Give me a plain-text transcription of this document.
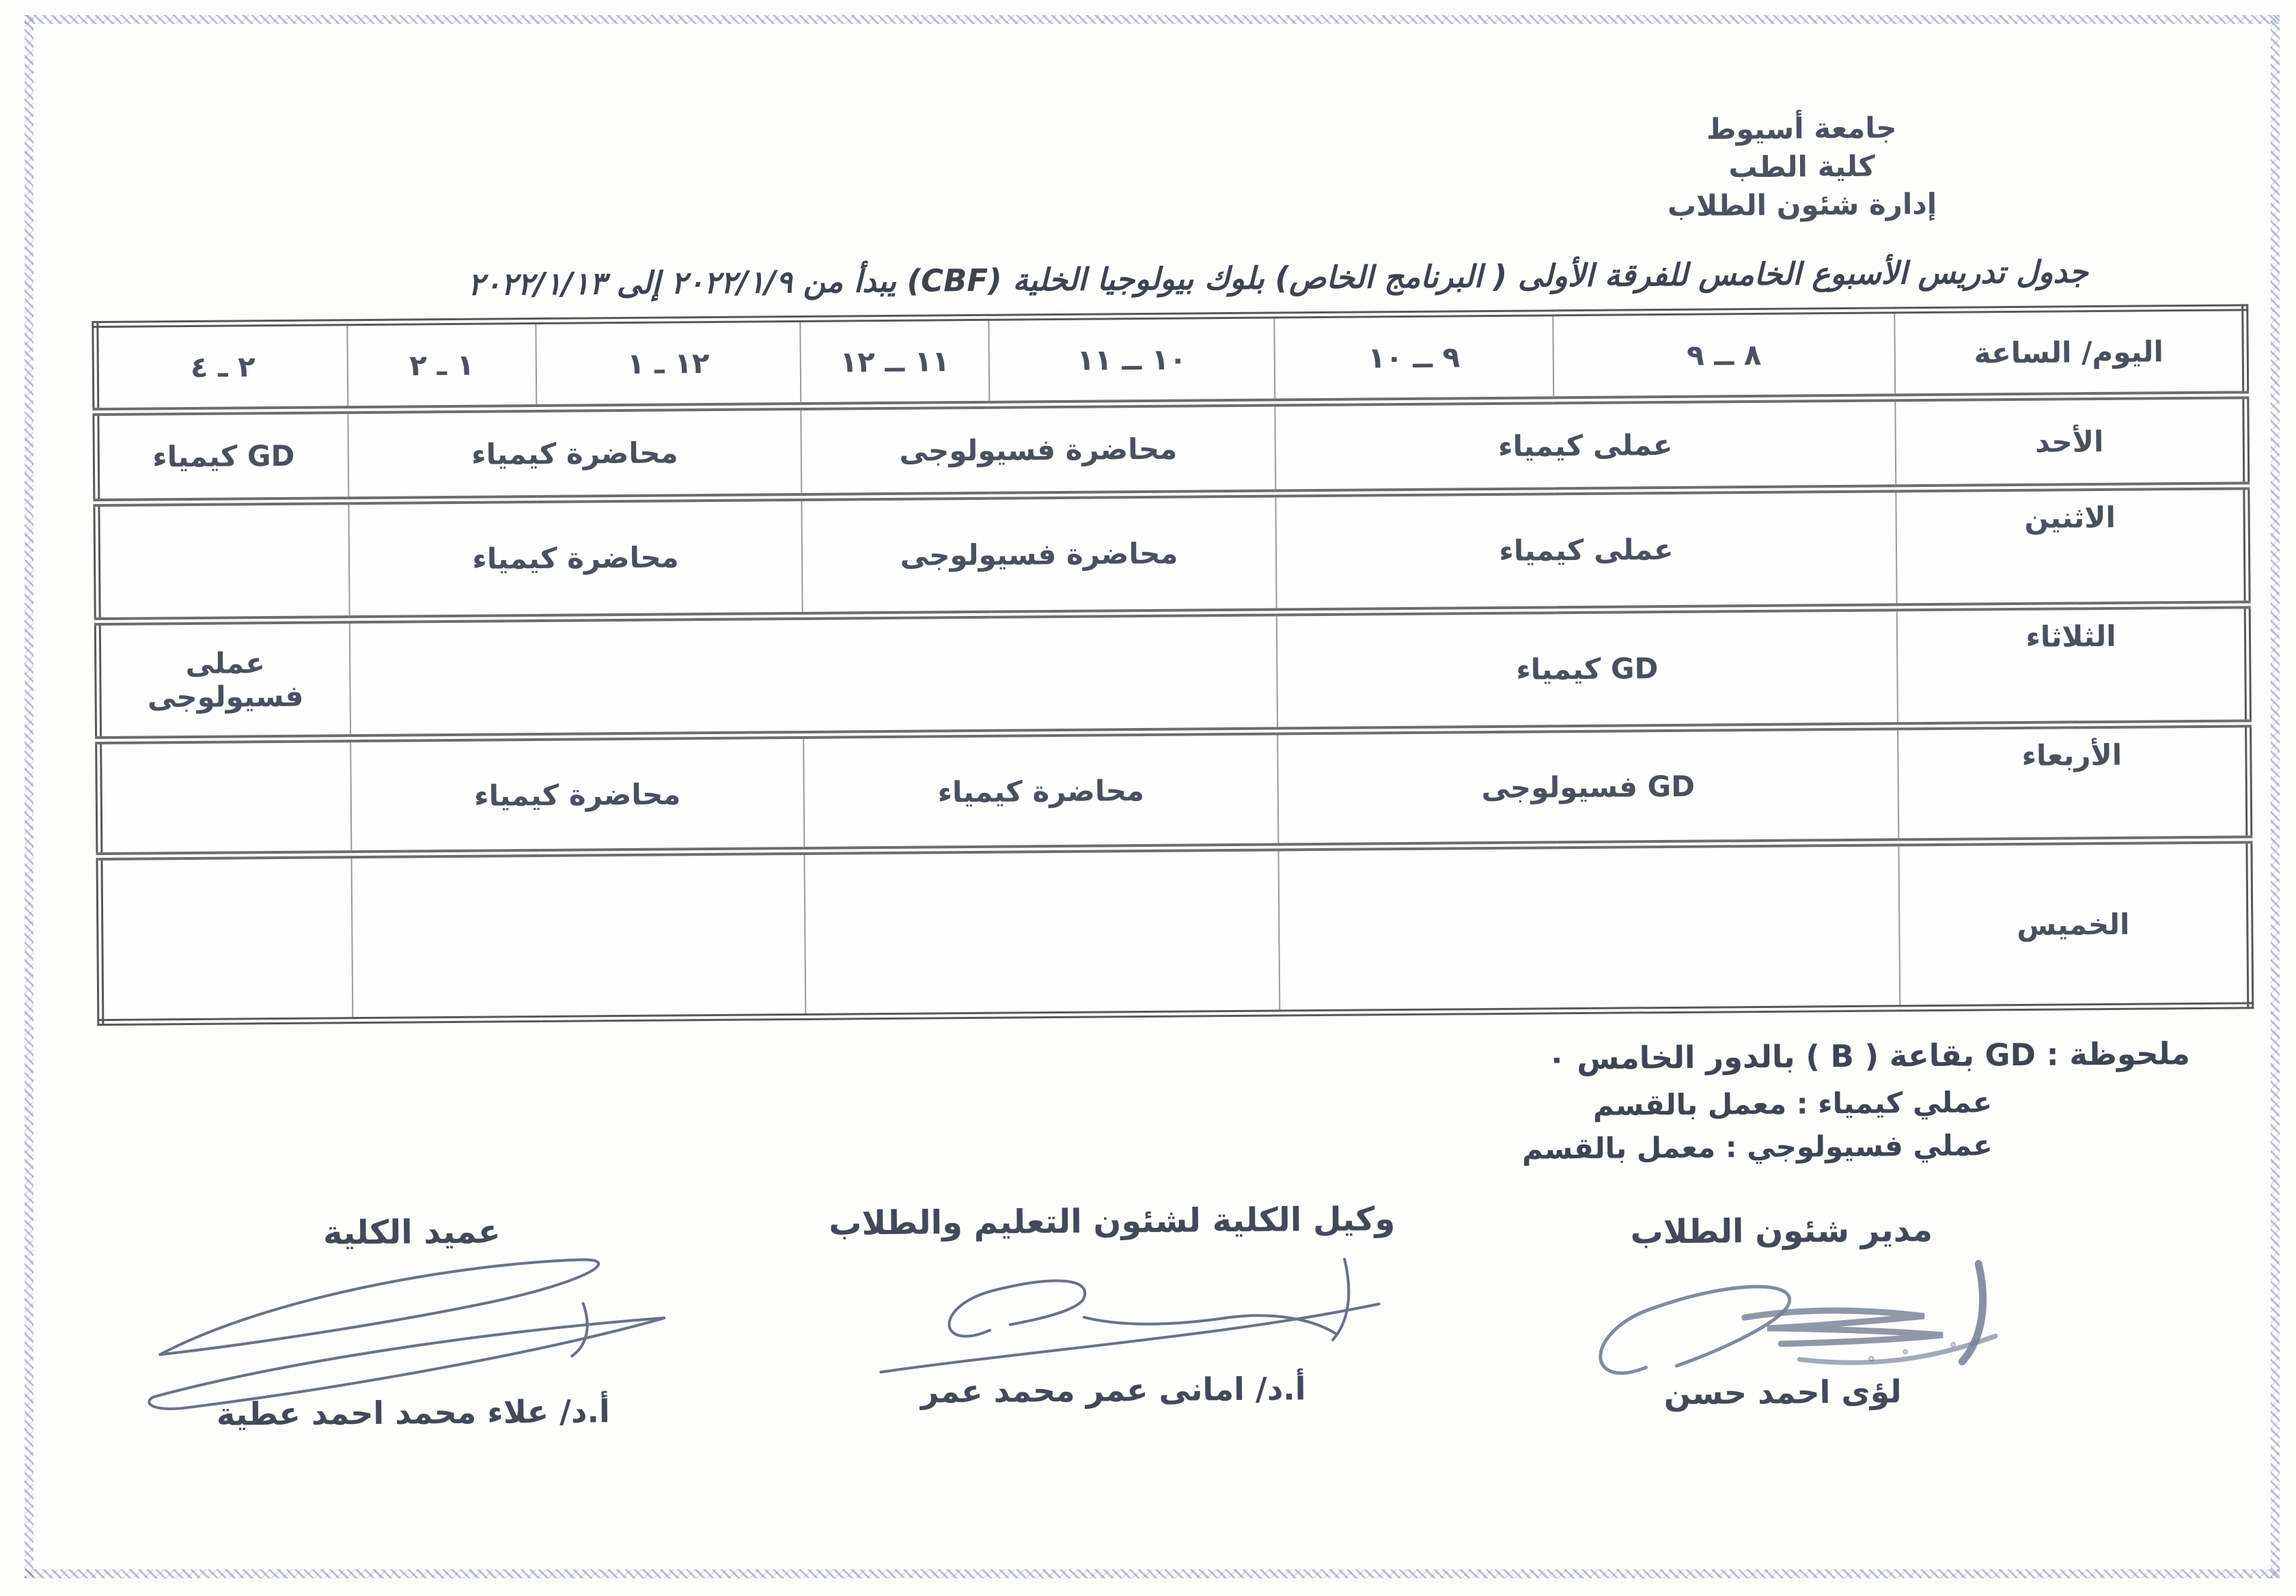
جامعة أسيوط
كلية الطب
إدارة شئون الطلاب
جدول تدريس الأسبوع الخامس للفرقة الأولى ( البرنامج الخاص) بلوك بيولوجيا الخلية (CBF) يبدأ من ٢٠٢٢/١/٩ إلى ٢٠٢٢/١/١٣
اليوم/ الساعة	٨ ــ ٩	٩ ــ ١٠	١٠ ــ ١١	١١ ــ ١٢	١٢ ـ ١	١ ـ ٢	٢ ـ ٤
الأحد	عملى كيمياء		محاضرة فسيولوجى		محاضرة كيمياء		GD كيمياء
الاثنين	عملى كيمياء		محاضرة فسيولوجى		محاضرة كيمياء		
الثلاثاء	GD كيمياء						عملى فسيولوجى
الأربعاء	GD فسيولوجى		محاضرة كيمياء		محاضرة كيمياء		
الخميس							
ملحوظة : GD بقاعة ( B ) بالدور الخامس ٠
عملي كيمياء : معمل بالقسم
عملي فسيولوجي : معمل بالقسم
مدير شئون الطلاب
لؤى احمد حسن
وكيل الكلية لشئون التعليم والطلاب
أ.د/ امانى عمر محمد عمر
عميد الكلية
أ.د/ علاء محمد احمد عطية
